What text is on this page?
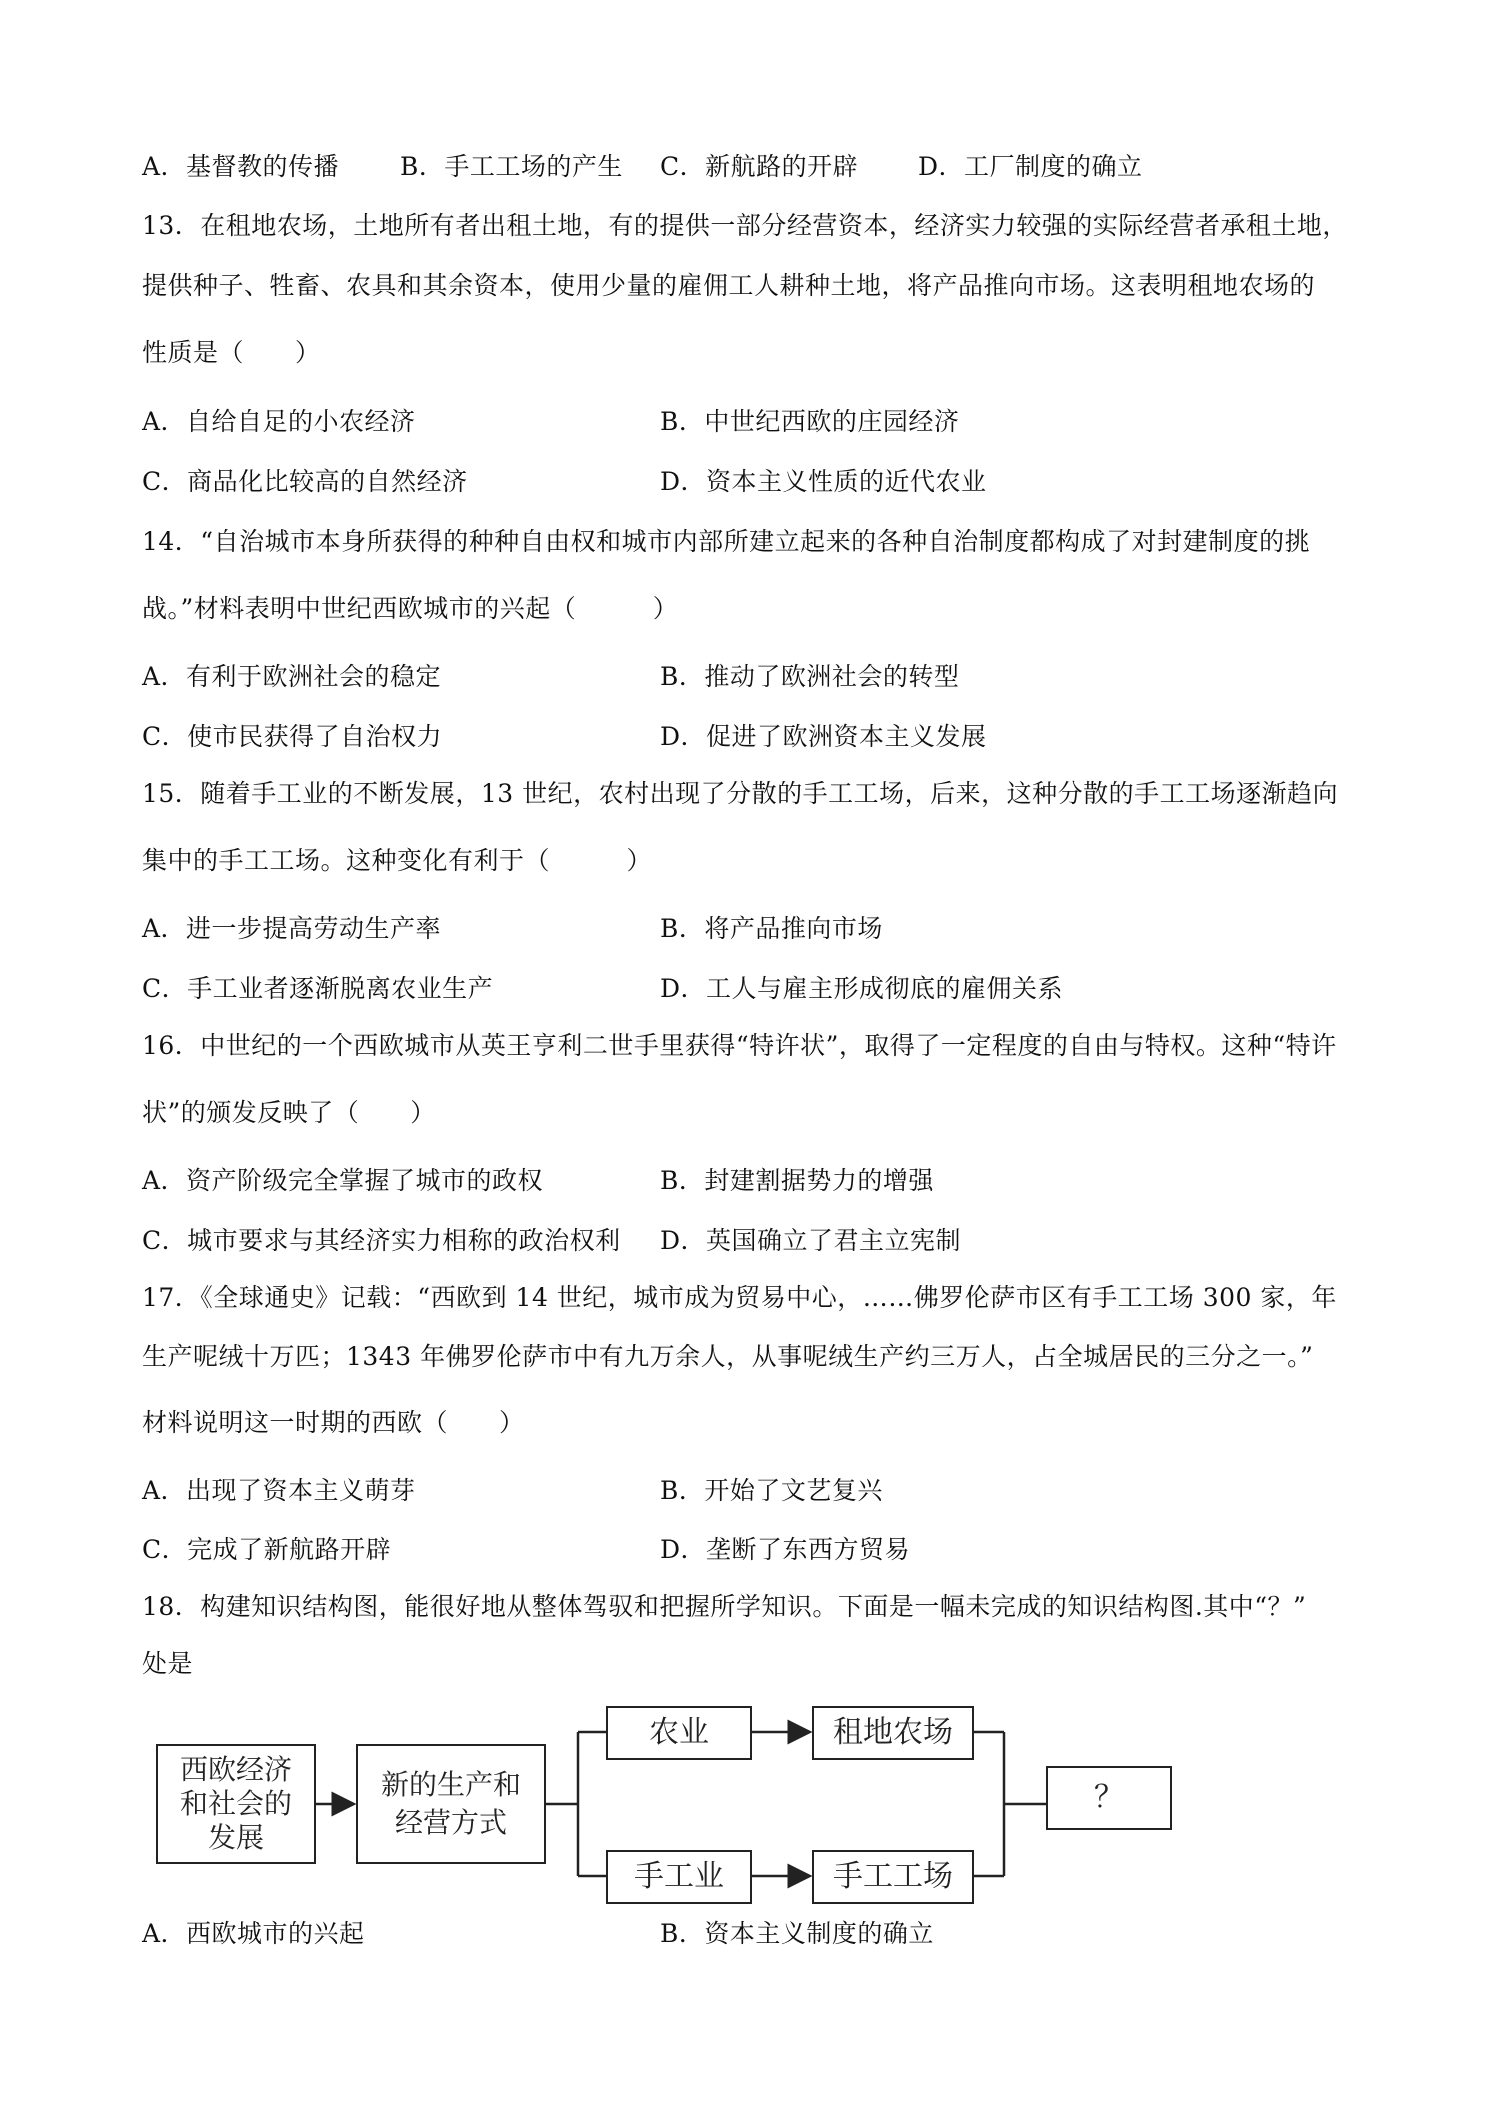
A．基督教的传播 B．手工工场的产生 C．新航路的开辟 D．工厂制度的确立
13．在租地农场，土地所有者出租土地，有的提供一部分经营资本，经济实力较强的实际经营者承租土地，
提供种子、牲畜、农具和其余资本，使用少量的雇佣工人耕种土地，将产品推向市场。这表明租地农场的
性质是（　　）
A．自给自足的小农经济	B．中世纪西欧的庄园经济
C．商品化比较高的自然经济	D．资本主义性质的近代农业
14．“自治城市本身所获得的种种自由权和城市内部所建立起来的各种自治制度都构成了对封建制度的挑
战。”材料表明中世纪西欧城市的兴起（　　　）
A．有利于欧洲社会的稳定	B．推动了欧洲社会的转型
C．使市民获得了自治权力	D．促进了欧洲资本主义发展
15．随着手工业的不断发展，13 世纪，农村出现了分散的手工工场，后来，这种分散的手工工场逐渐趋向
集中的手工工场。这种变化有利于（　　　）
A．进一步提高劳动生产率	B．将产品推向市场
C．手工业者逐渐脱离农业生产	D．工人与雇主形成彻底的雇佣关系
16．中世纪的一个西欧城市从英王亨利二世手里获得“特许状”，取得了一定程度的自由与特权。这种“特许
状”的颁发反映了（　　）
A．资产阶级完全掌握了城市的政权	B．封建割据势力的增强
C．城市要求与其经济实力相称的政治权利 D．英国确立了君主立宪制
17．《全球通史》记载：“西欧到 14 世纪，城市成为贸易中心，……佛罗伦萨市区有手工工场 300 家，年
生产呢绒十万匹；1343 年佛罗伦萨市中有九万余人，从事呢绒生产约三万人，占全城居民的三分之一。”
材料说明这一时期的西欧（　　）
A．出现了资本主义萌芽	B．开始了文艺复兴
C．完成了新航路开辟	D．垄断了东西方贸易
18．构建知识结构图，能很好地从整体驾驭和把握所学知识。下面是一幅未完成的知识结构图.其中“？”
处是
西欧经济
和社会的
发展
新的生产和
经营方式
农业	租地农场
手工业	手工工场
？
A．西欧城市的兴起	B．资本主义制度的确立
